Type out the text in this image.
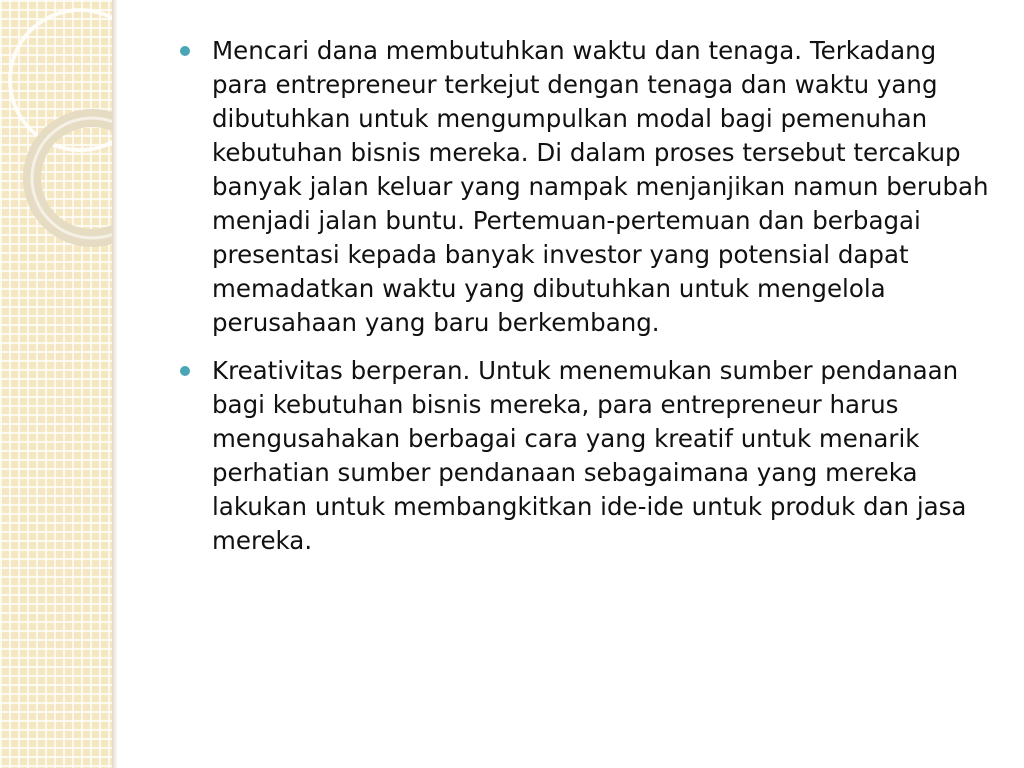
Mencari dana membutuhkan waktu dan tenaga. Terkadang para entrepreneur terkejut dengan tenaga dan waktu yang dibutuhkan untuk mengumpulkan modal bagi pemenuhan kebutuhan bisnis mereka. Di dalam proses tersebut tercakup banyak jalan keluar yang nampak menjanjikan namun berubah menjadi jalan buntu. Pertemuan-pertemuan dan berbagai presentasi kepada banyak investor yang potensial dapat memadatkan waktu yang dibutuhkan untuk mengelola perusahaan yang baru berkembang.
Kreativitas berperan. Untuk menemukan sumber pendanaan bagi kebutuhan bisnis mereka, para entrepreneur harus mengusahakan berbagai cara yang kreatif untuk menarik perhatian sumber pendanaan sebagaimana yang mereka lakukan untuk membangkitkan ide-ide untuk produk dan jasa mereka.
